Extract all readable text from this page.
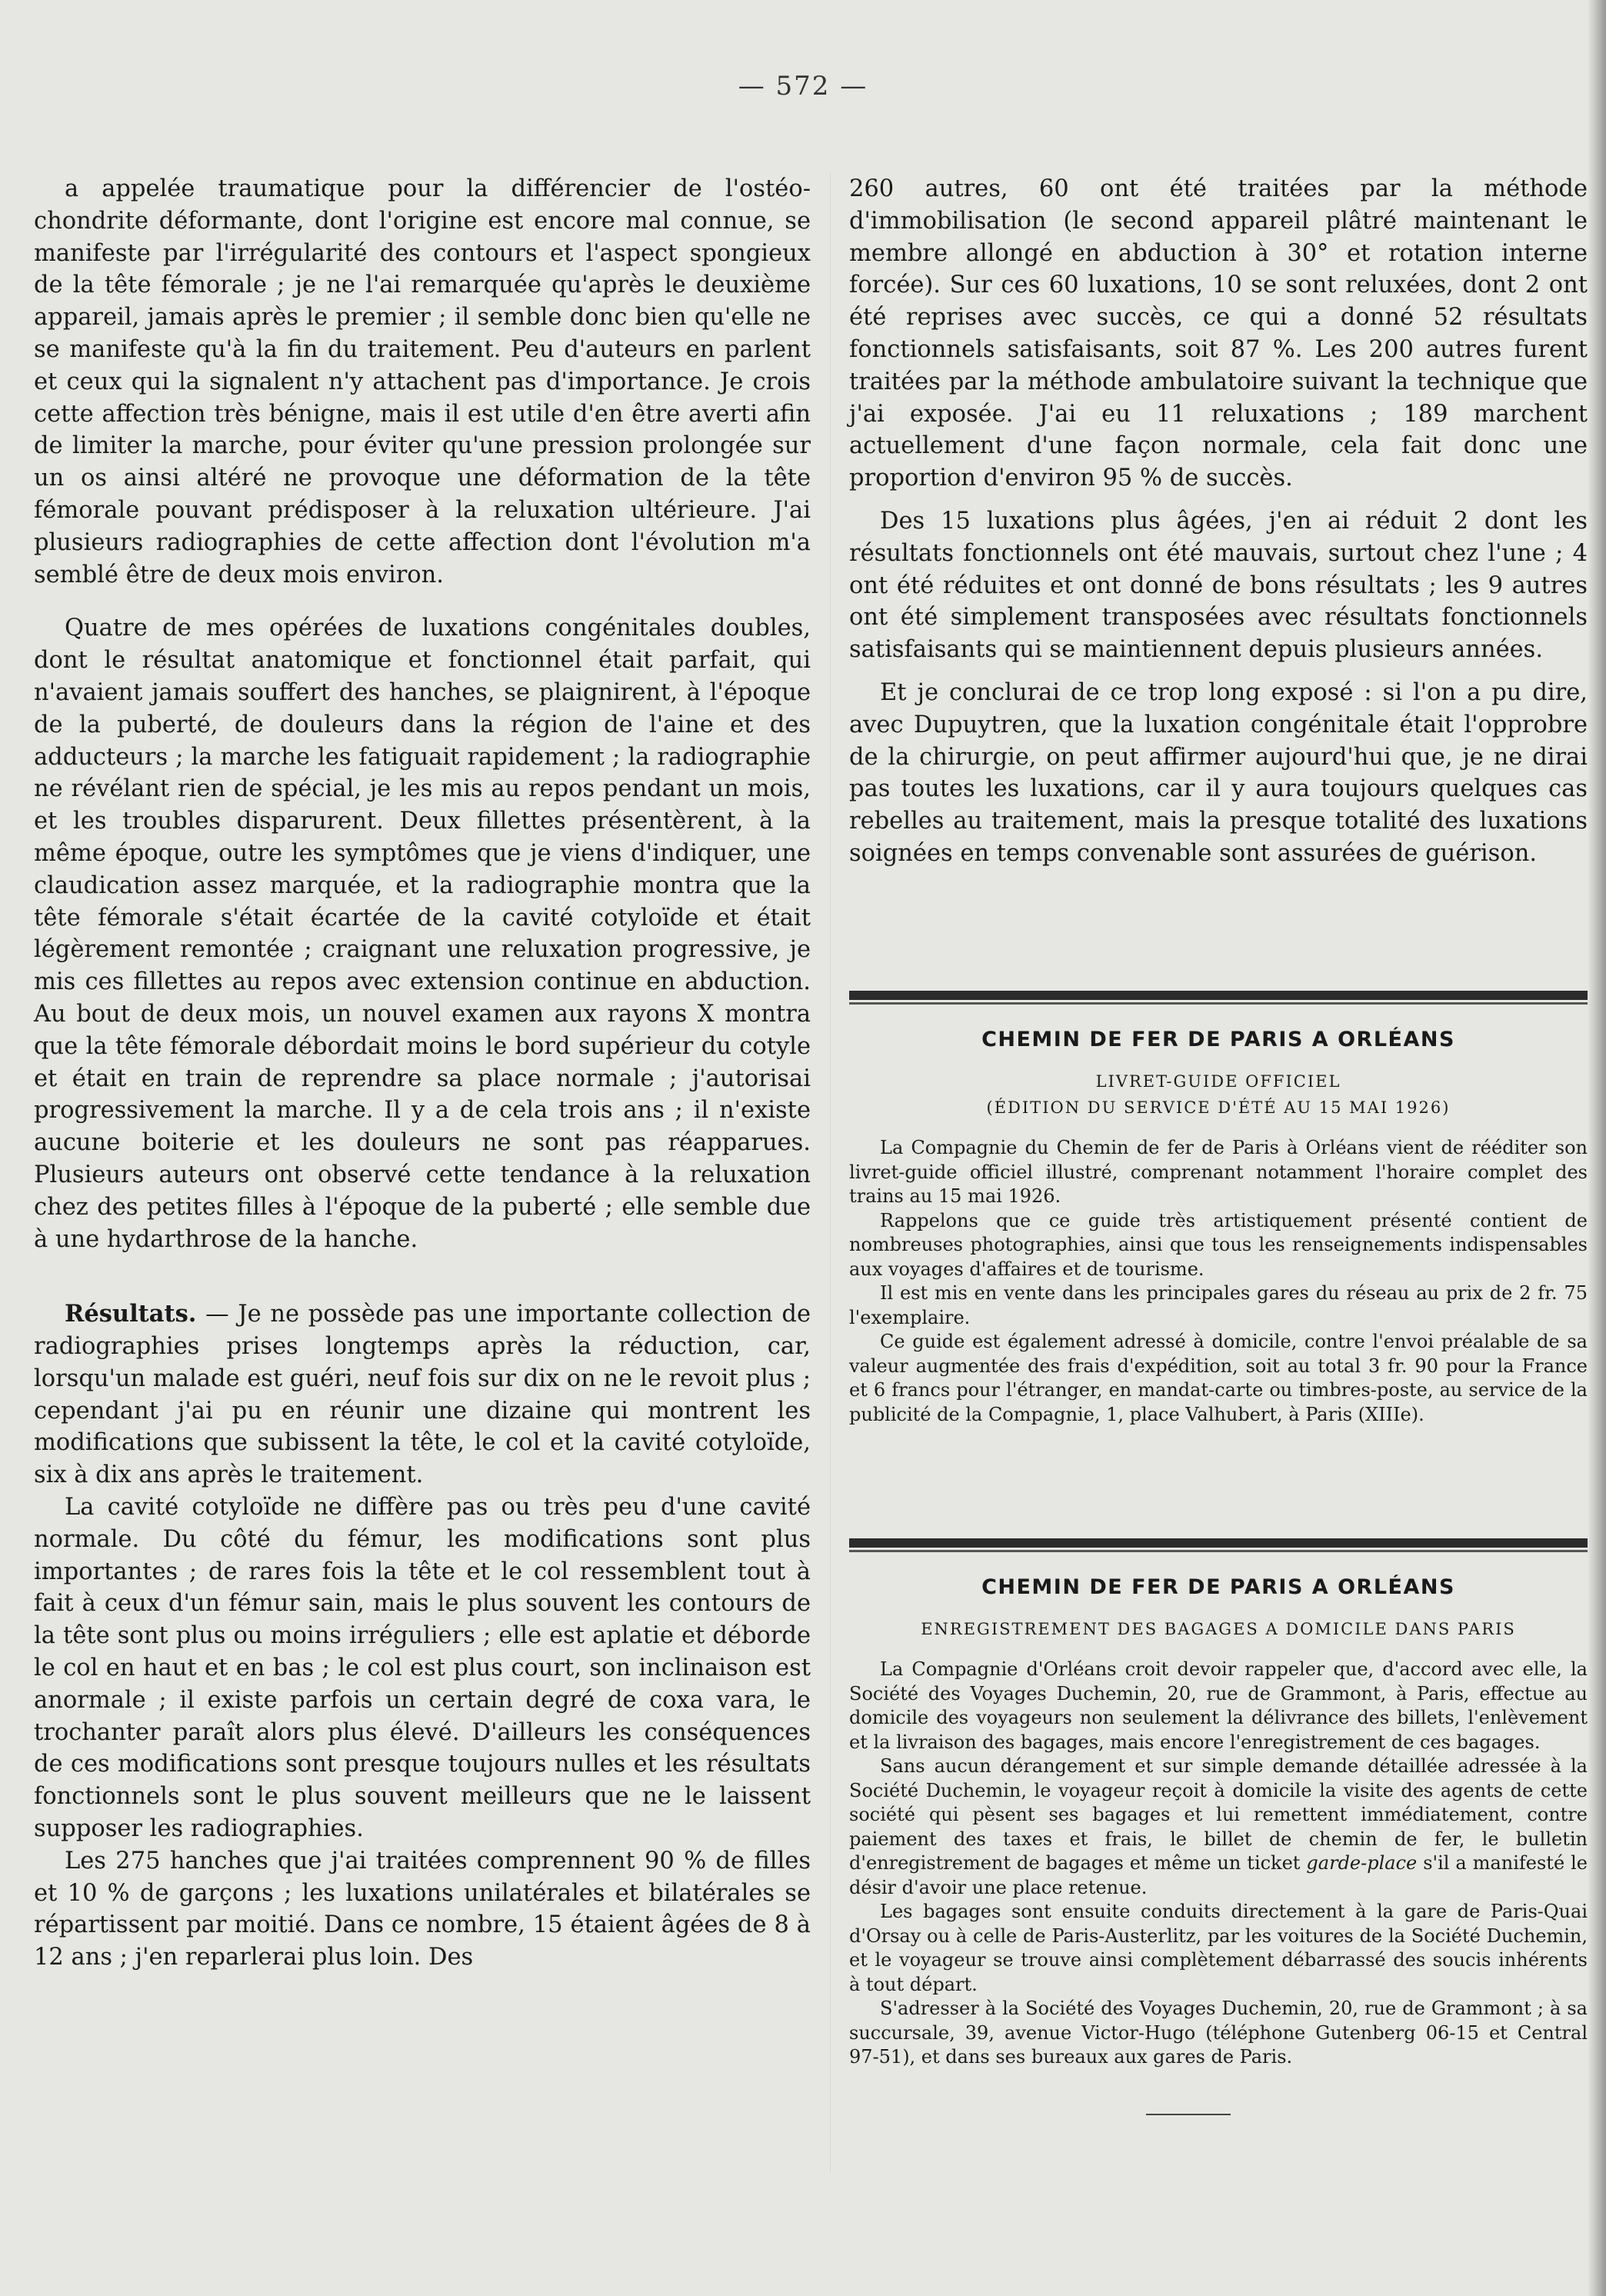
— 572 —

a appelée traumatique pour la différencier de l'ostéo-chondrite déformante, dont l'origine est encore mal connue, se manifeste par l'irrégularité des contours et l'aspect spongieux de la tête fémorale ; je ne l'ai remarquée qu'après le deuxième appareil, jamais après le premier ; il semble donc bien qu'elle ne se manifeste qu'à la fin du traitement. Peu d'auteurs en parlent et ceux qui la signalent n'y attachent pas d'importance. Je crois cette affection très bénigne, mais il est utile d'en être averti afin de limiter la marche, pour éviter qu'une pression prolongée sur un os ainsi altéré ne provoque une déformation de la tête fémorale pouvant prédisposer à la reluxation ultérieure. J'ai plusieurs radiographies de cette affection dont l'évolution m'a semblé être de deux mois environ.

Quatre de mes opérées de luxations congénitales doubles, dont le résultat anatomique et fonctionnel était parfait, qui n'avaient jamais souffert des hanches, se plaignirent, à l'époque de la puberté, de douleurs dans la région de l'aine et des adducteurs ; la marche les fatiguait rapidement ; la radiographie ne révélant rien de spécial, je les mis au repos pendant un mois, et les troubles disparurent. Deux fillettes présentèrent, à la même époque, outre les symptômes que je viens d'indiquer, une claudication assez marquée, et la radiographie montra que la tête fémorale s'était écartée de la cavité cotyloïde et était légèrement remontée ; craignant une reluxation progressive, je mis ces fillettes au repos avec extension continue en abduction. Au bout de deux mois, un nouvel examen aux rayons X montra que la tête fémorale débordait moins le bord supérieur du cotyle et était en train de reprendre sa place normale ; j'autorisai progressivement la marche. Il y a de cela trois ans ; il n'existe aucune boiterie et les douleurs ne sont pas réapparues. Plusieurs auteurs ont observé cette tendance à la reluxation chez des petites filles à l'époque de la puberté ; elle semble due à une hydarthrose de la hanche.

Résultats. — Je ne possède pas une importante collection de radiographies prises longtemps après la réduction, car, lorsqu'un malade est guéri, neuf fois sur dix on ne le revoit plus ; cependant j'ai pu en réunir une dizaine qui montrent les modifications que subissent la tête, le col et la cavité cotyloïde, six à dix ans après le traitement.

La cavité cotyloïde ne diffère pas ou très peu d'une cavité normale. Du côté du fémur, les modifications sont plus importantes ; de rares fois la tête et le col ressemblent tout à fait à ceux d'un fémur sain, mais le plus souvent les contours de la tête sont plus ou moins irréguliers ; elle est aplatie et déborde le col en haut et en bas ; le col est plus court, son inclinaison est anormale ; il existe parfois un certain degré de coxa vara, le trochanter paraît alors plus élevé. D'ailleurs les conséquences de ces modifications sont presque toujours nulles et les résultats fonctionnels sont le plus souvent meilleurs que ne le laissent supposer les radiographies.

Les 275 hanches que j'ai traitées comprennent 90 % de filles et 10 % de garçons ; les luxations unilatérales et bilatérales se répartissent par moitié. Dans ce nombre, 15 étaient âgées de 8 à 12 ans ; j'en reparlerai plus loin. Des

260 autres, 60 ont été traitées par la méthode d'immobilisation (le second appareil plâtré maintenant le membre allongé en abduction à 30° et rotation interne forcée). Sur ces 60 luxations, 10 se sont reluxées, dont 2 ont été reprises avec succès, ce qui a donné 52 résultats fonctionnels satisfaisants, soit 87 %. Les 200 autres furent traitées par la méthode ambulatoire suivant la technique que j'ai exposée. J'ai eu 11 reluxations ; 189 marchent actuellement d'une façon normale, cela fait donc une proportion d'environ 95 % de succès.

Des 15 luxations plus âgées, j'en ai réduit 2 dont les résultats fonctionnels ont été mauvais, surtout chez l'une ; 4 ont été réduites et ont donné de bons résultats ; les 9 autres ont été simplement transposées avec résultats fonctionnels satisfaisants qui se maintiennent depuis plusieurs années.

Et je conclurai de ce trop long exposé : si l'on a pu dire, avec Dupuytren, que la luxation congénitale était l'opprobre de la chirurgie, on peut affirmer aujourd'hui que, je ne dirai pas toutes les luxations, car il y aura toujours quelques cas rebelles au traitement, mais la presque totalité des luxations soignées en temps convenable sont assurées de guérison.

CHEMIN DE FER DE PARIS A ORLÉANS
LIVRET-GUIDE OFFICIEL
(ÉDITION DU SERVICE D'ÉTÉ AU 15 MAI 1926)

La Compagnie du Chemin de fer de Paris à Orléans vient de rééditer son livret-guide officiel illustré, comprenant notamment l'horaire complet des trains au 15 mai 1926.

Rappelons que ce guide très artistiquement présenté contient de nombreuses photographies, ainsi que tous les renseignements indispensables aux voyages d'affaires et de tourisme.

Il est mis en vente dans les principales gares du réseau au prix de 2 fr. 75 l'exemplaire.

Ce guide est également adressé à domicile, contre l'envoi préalable de sa valeur augmentée des frais d'expédition, soit au total 3 fr. 90 pour la France et 6 francs pour l'étranger, en mandat-carte ou timbres-poste, au service de la publicité de la Compagnie, 1, place Valhubert, à Paris (XIIIe).

CHEMIN DE FER DE PARIS A ORLÉANS
ENREGISTREMENT DES BAGAGES A DOMICILE DANS PARIS

La Compagnie d'Orléans croit devoir rappeler que, d'accord avec elle, la Société des Voyages Duchemin, 20, rue de Grammont, à Paris, effectue au domicile des voyageurs non seulement la délivrance des billets, l'enlèvement et la livraison des bagages, mais encore l'enregistrement de ces bagages.

Sans aucun dérangement et sur simple demande détaillée adressée à la Société Duchemin, le voyageur reçoit à domicile la visite des agents de cette société qui pèsent ses bagages et lui remettent immédiatement, contre paiement des taxes et frais, le billet de chemin de fer, le bulletin d'enregistrement de bagages et même un ticket garde-place s'il a manifesté le désir d'avoir une place retenue.

Les bagages sont ensuite conduits directement à la gare de Paris-Quai d'Orsay ou à celle de Paris-Austerlitz, par les voitures de la Société Duchemin, et le voyageur se trouve ainsi complètement débarrassé des soucis inhérents à tout départ.

S'adresser à la Société des Voyages Duchemin, 20, rue de Grammont ; à sa succursale, 39, avenue Victor-Hugo (téléphone Gutenberg 06-15 et Central 97-51), et dans ses bureaux aux gares de Paris.
